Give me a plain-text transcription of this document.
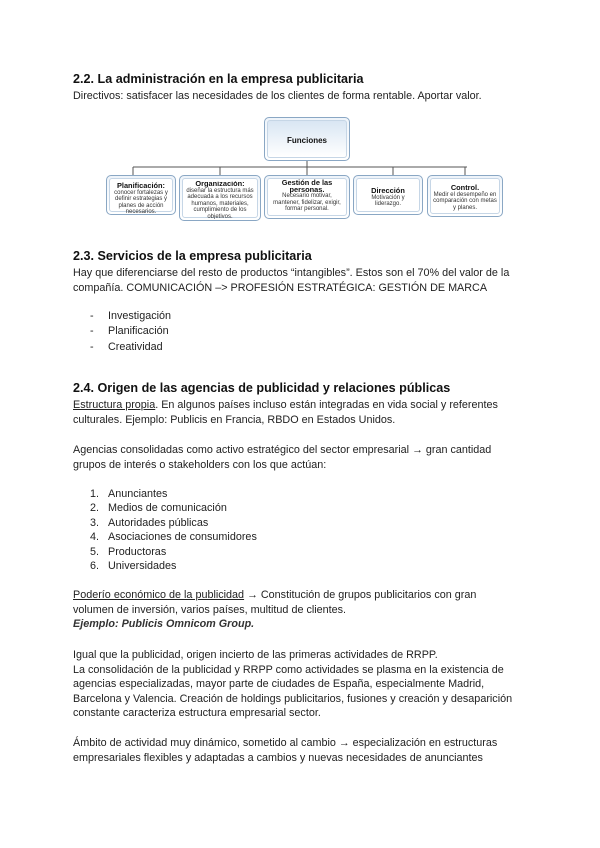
2.2. La administración en la empresa publicitaria
Directivos: satisfacer las necesidades de los clientes de forma rentable. Aportar valor.
Funciones
Planificación:
conocer fortalezas y definir estrategias y planes de acción necesarios.
Organización:
diseñar la estructura más adecuada a los recursos humanos, materiales, cumplimiento de los objetivos.
Gestión de las personas.
Necesario motivar, mantener, fidelizar, exigir, formar personal.
Dirección
Motivación y liderazgo.
Control.
Medir el desempeño en comparación con metas y planes.
2.3. Servicios de la empresa publicitaria
Hay que diferenciarse del resto de productos “intangibles”. Estos son el 70% del valor de la
compañía. COMUNICACIÓN –> PROFESIÓN ESTRATÉGICA: GESTIÓN DE MARCA
- Investigación
- Planificación
- Creatividad
2.4. Origen de las agencias de publicidad y relaciones públicas
Estructura propia. En algunos países incluso están integradas en vida social y referentes
culturales. Ejemplo: Publicis en Francia, RBDO en Estados Unidos.
Agencias consolidadas como activo estratégico del sector empresarial → gran cantidad
grupos de interés o stakeholders con los que actúan:
1. Anunciantes
2. Medios de comunicación
3. Autoridades públicas
4. Asociaciones de consumidores
5. Productoras
6. Universidades
Poderío económico de la publicidad → Constitución de grupos publicitarios con gran
volumen de inversión, varios países, multitud de clientes.
Ejemplo: Publicis Omnicom Group.
Igual que la publicidad, origen incierto de las primeras actividades de RRPP.
La consolidación de la publicidad y RRPP como actividades se plasma en la existencia de
agencias especializadas, mayor parte de ciudades de España, especialmente Madrid,
Barcelona y Valencia. Creación de holdings publicitarios, fusiones y creación y desaparición
constante caracteriza estructura empresarial sector.
Ámbito de actividad muy dinámico, sometido al cambio → especialización en estructuras
empresariales flexibles y adaptadas a cambios y nuevas necesidades de anunciantes
